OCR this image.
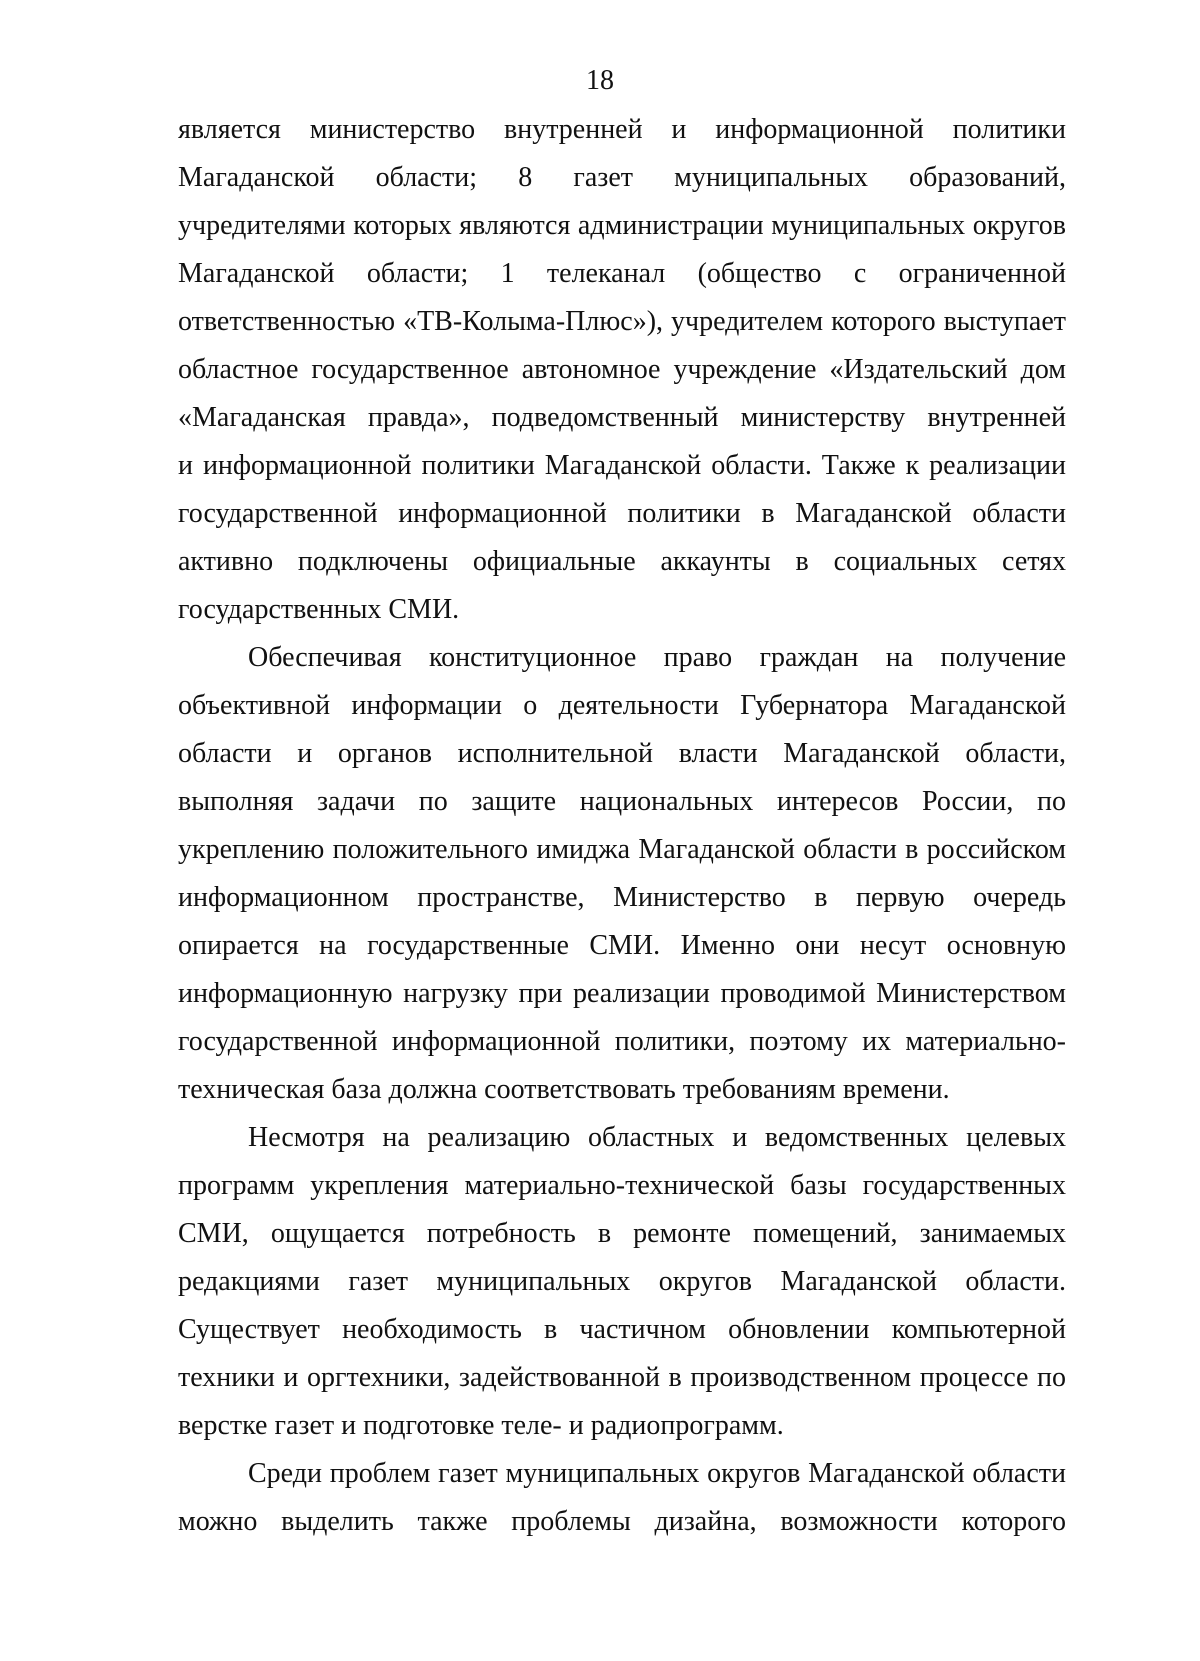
18
является министерство внутренней и информационной политики
Магаданской области; 8 газет муниципальных образований,
учредителями которых являются администрации муниципальных округов
Магаданской области; 1 телеканал (общество с ограниченной
ответственностью «ТВ-Колыма-Плюс»), учредителем которого выступает
областное государственное автономное учреждение «Издательский дом
«Магаданская правда», подведомственный министерству внутренней
и информационной политики Магаданской области. Также к реализации
государственной информационной политики в Магаданской области
активно подключены официальные аккаунты в социальных сетях
государственных СМИ.
Обеспечивая конституционное право граждан на получение
объективной информации о деятельности Губернатора Магаданской
области и органов исполнительной власти Магаданской области,
выполняя задачи по защите национальных интересов России, по
укреплению положительного имиджа Магаданской области в российском
информационном пространстве, Министерство в первую очередь
опирается на государственные СМИ. Именно они несут основную
информационную нагрузку при реализации проводимой Министерством
государственной информационной политики, поэтому их материально-
техническая база должна соответствовать требованиям времени.
Несмотря на реализацию областных и ведомственных целевых
программ укрепления материально-технической базы государственных
СМИ, ощущается потребность в ремонте помещений, занимаемых
редакциями газет муниципальных округов Магаданской области.
Существует необходимость в частичном обновлении компьютерной
техники и оргтехники, задействованной в производственном процессе по
верстке газет и подготовке теле- и радиопрограмм.
Среди проблем газет муниципальных округов Магаданской области
можно выделить также проблемы дизайна, возможности которого
